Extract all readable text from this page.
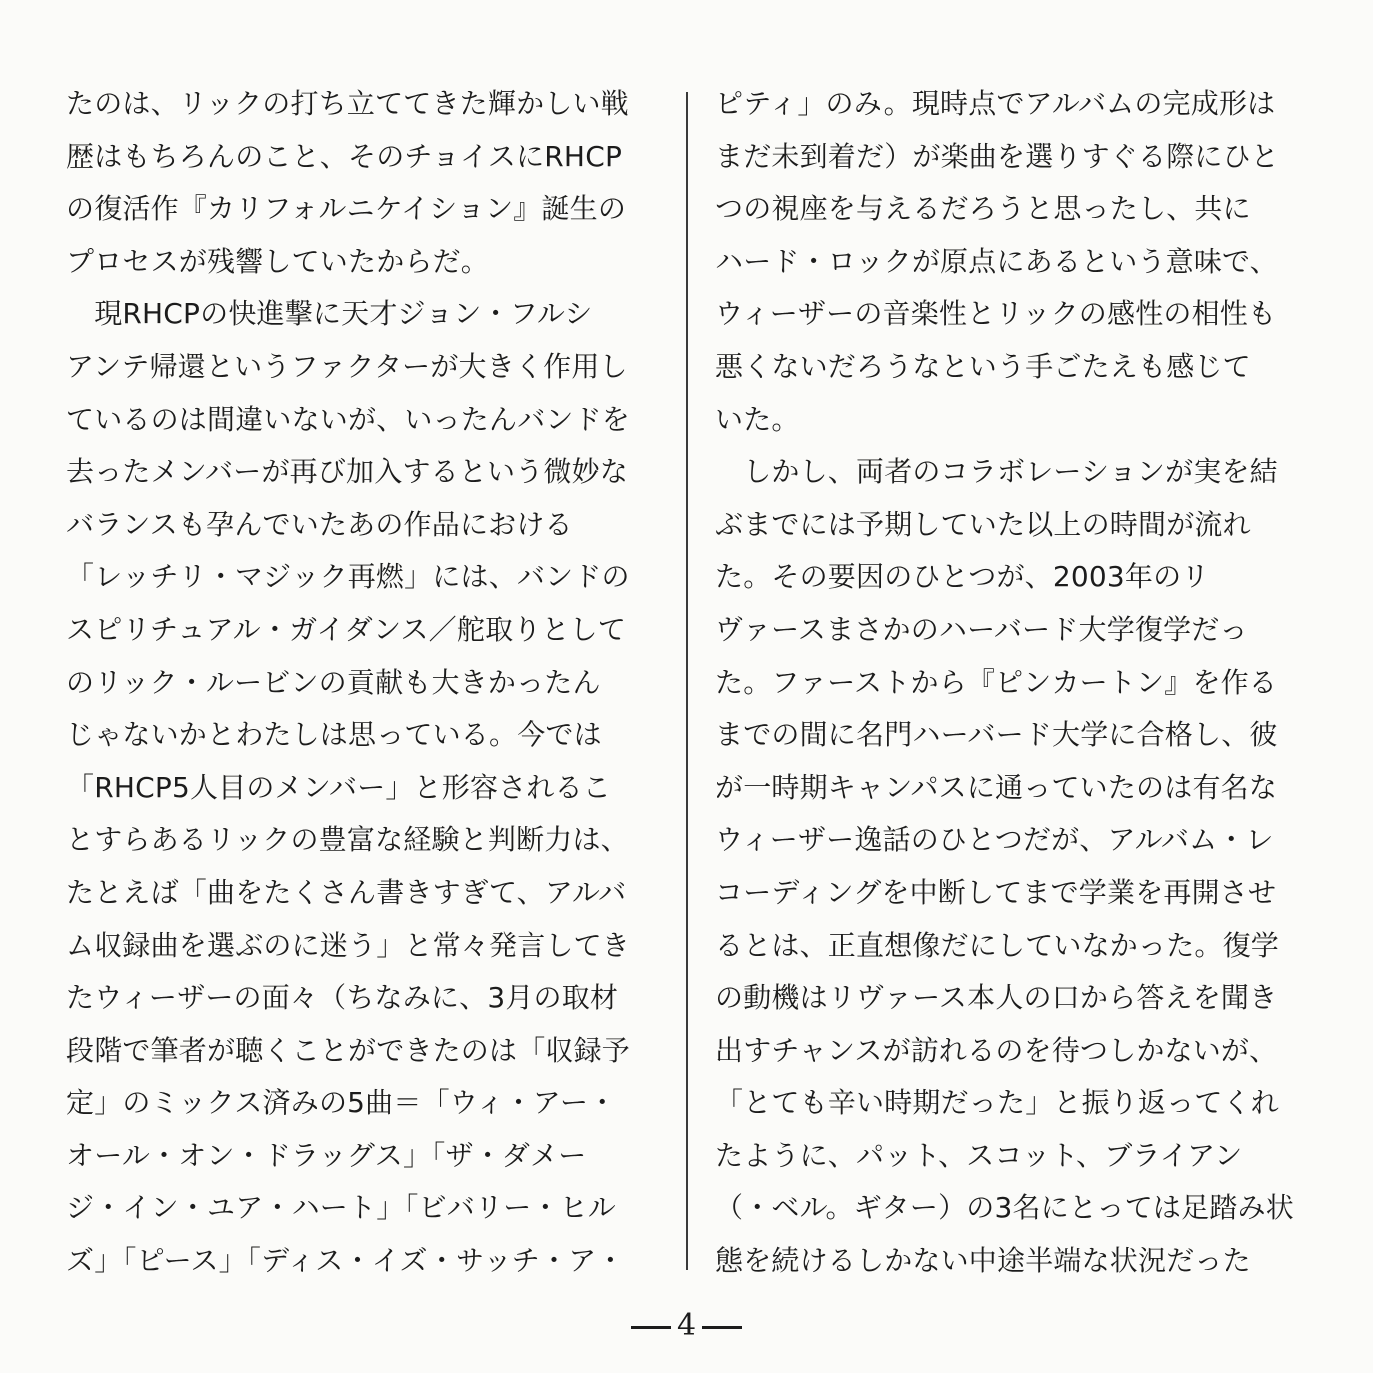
たのは、リックの打ち立ててきた輝かしい戦
歴はもちろんのこと、そのチョイスにRHCP
の復活作『カリフォルニケイション』誕生の
プロセスが残響していたからだ。
　現RHCPの快進撃に天才ジョン・フルシ
アンテ帰還というファクターが大きく作用し
ているのは間違いないが、いったんバンドを
去ったメンバーが再び加入するという微妙な
バランスも孕んでいたあの作品における
「レッチリ・マジック再燃」には、バンドの
スピリチュアル・ガイダンス／舵取りとして
のリック・ルービンの貢献も大きかったん
じゃないかとわたしは思っている。今では
「RHCP5人目のメンバー」と形容されるこ
とすらあるリックの豊富な経験と判断力は、
たとえば「曲をたくさん書きすぎて、アルバ
ム収録曲を選ぶのに迷う」と常々発言してき
たウィーザーの面々（ちなみに、3月の取材
段階で筆者が聴くことができたのは「収録予
定」のミックス済みの5曲＝「ウィ・アー・
オール・オン・ドラッグス」「ザ・ダメー
ジ・イン・ユア・ハート」「ビバリー・ヒル
ズ」「ピース」「ディス・イズ・サッチ・ア・
ピティ」のみ。現時点でアルバムの完成形は
まだ未到着だ）が楽曲を選りすぐる際にひと
つの視座を与えるだろうと思ったし、共に
ハード・ロックが原点にあるという意味で、
ウィーザーの音楽性とリックの感性の相性も
悪くないだろうなという手ごたえも感じて
いた。
　しかし、両者のコラボレーションが実を結
ぶまでには予期していた以上の時間が流れ
た。その要因のひとつが、2003年のリ
ヴァースまさかのハーバード大学復学だっ
た。ファーストから『ピンカートン』を作る
までの間に名門ハーバード大学に合格し、彼
が一時期キャンパスに通っていたのは有名な
ウィーザー逸話のひとつだが、アルバム・レ
コーディングを中断してまで学業を再開させ
るとは、正直想像だにしていなかった。復学
の動機はリヴァース本人の口から答えを聞き
出すチャンスが訪れるのを待つしかないが、
「とても辛い時期だった」と振り返ってくれ
たように、パット、スコット、ブライアン
（・ベル。ギター）の3名にとっては足踏み状
態を続けるしかない中途半端な状況だった
4
